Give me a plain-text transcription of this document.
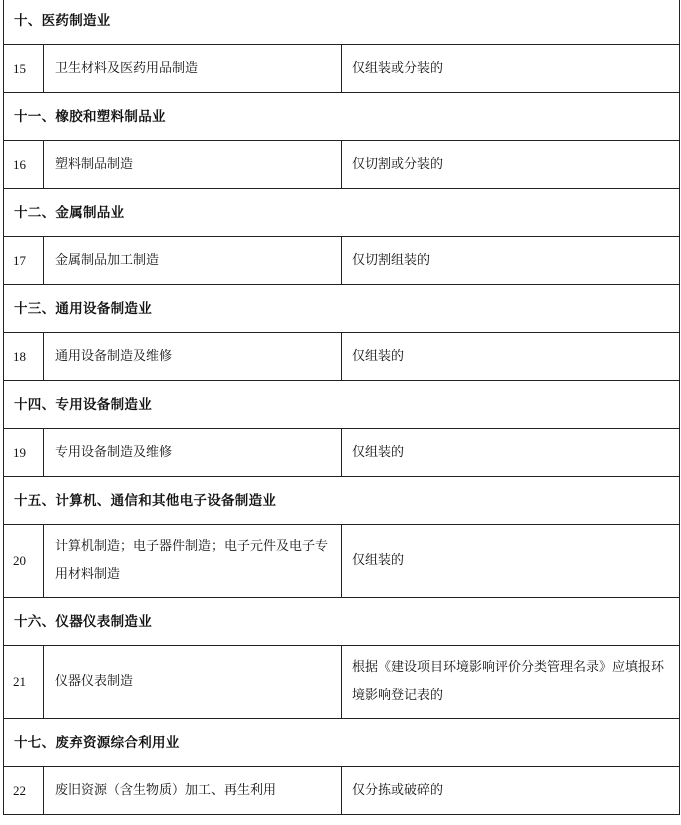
十、医药制造业		
15	卫生材料及医药用品制造	仅组装或分装的
十一、橡胶和塑料制品业		
16	塑料制品制造	仅切割或分装的
十二、金属制品业		
17	金属制品加工制造	仅切割组装的
十三、通用设备制造业		
18	通用设备制造及维修	仅组装的
十四、专用设备制造业		
19	专用设备制造及维修	仅组装的
十五、计算机、通信和其他电子设备制造业		
20	计算机制造；电子器件制造；电子元件及电子专用材料制造	仅组装的
十六、仪器仪表制造业		
21	仪器仪表制造	根据《建设项目环境影响评价分类管理名录》应填报环境影响登记表的
十七、废弃资源综合利用业		
22	废旧资源（含生物质）加工、再生利用	仅分拣或破碎的
